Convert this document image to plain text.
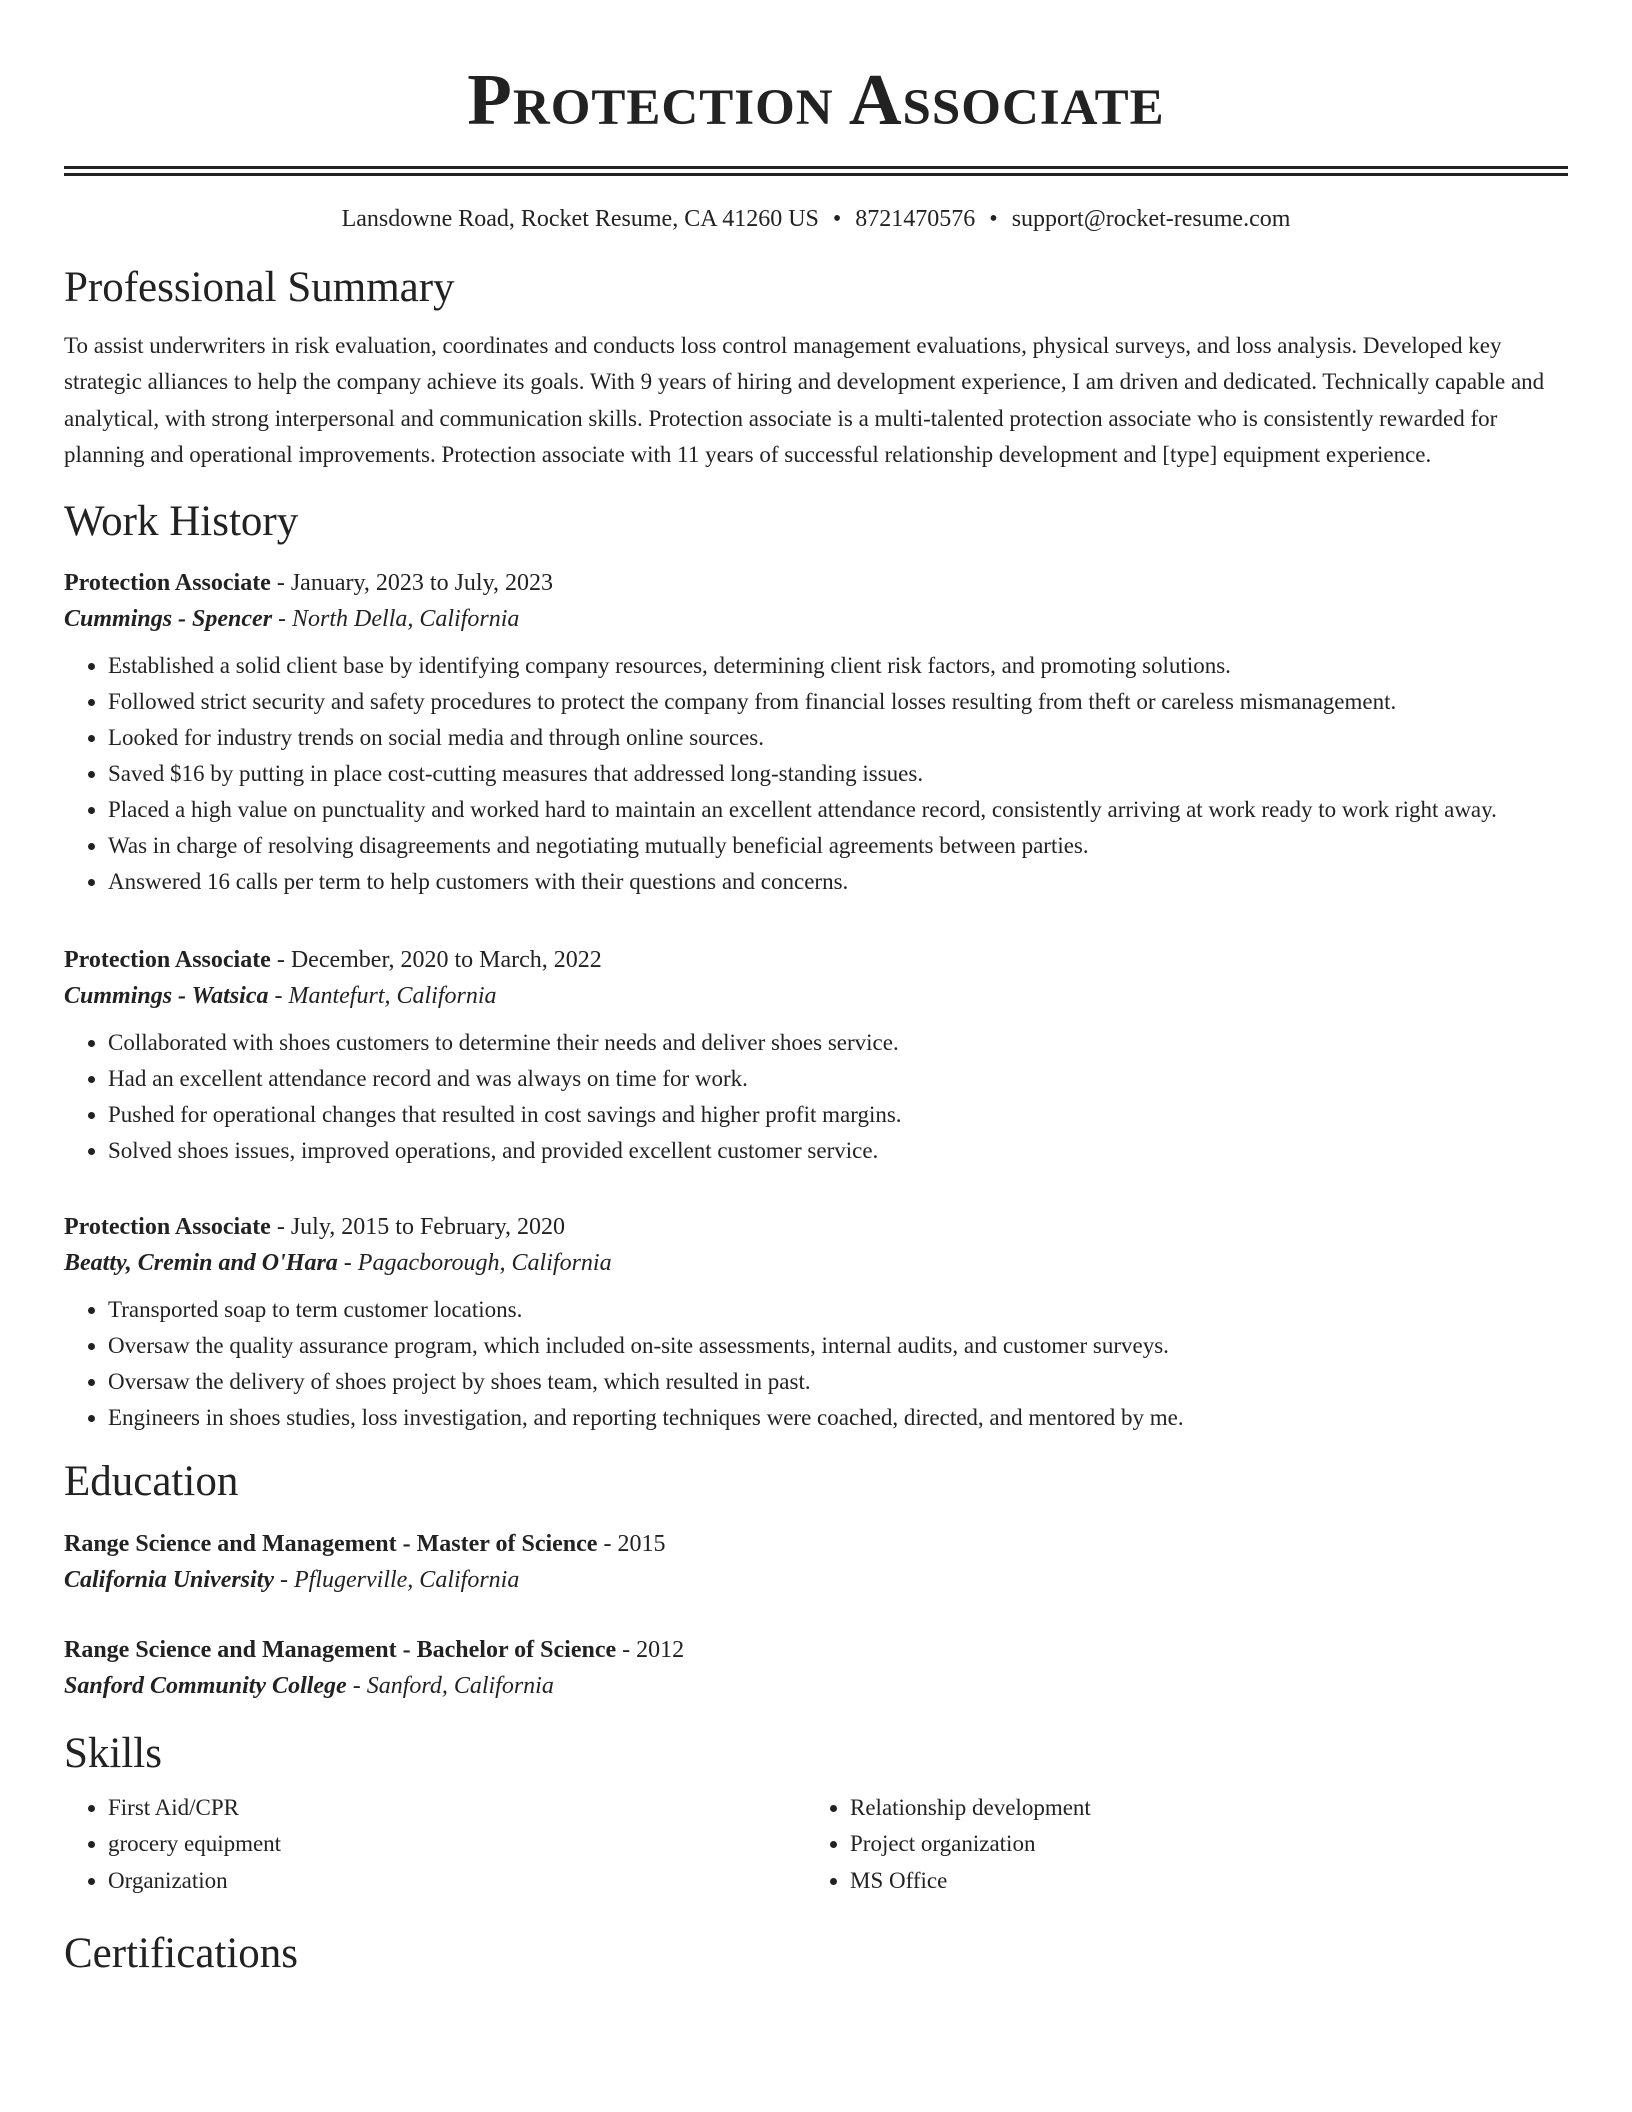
Protection Associate
Lansdowne Road, Rocket Resume, CA 41260 US • 8721470576 • support@rocket-resume.com
Professional Summary
To assist underwriters in risk evaluation, coordinates and conducts loss control management evaluations, physical surveys, and loss analysis. Developed key strategic alliances to help the company achieve its goals. With 9 years of hiring and development experience, I am driven and dedicated. Technically capable and analytical, with strong interpersonal and communication skills. Protection associate is a multi-talented protection associate who is consistently rewarded for planning and operational improvements. Protection associate with 11 years of successful relationship development and [type] equipment experience.
Work History
Protection Associate - January, 2023 to July, 2023
Cummings - Spencer - North Della, California
• Established a solid client base by identifying company resources, determining client risk factors, and promoting solutions.
• Followed strict security and safety procedures to protect the company from financial losses resulting from theft or careless mismanagement.
• Looked for industry trends on social media and through online sources.
• Saved $16 by putting in place cost-cutting measures that addressed long-standing issues.
• Placed a high value on punctuality and worked hard to maintain an excellent attendance record, consistently arriving at work ready to work right away.
• Was in charge of resolving disagreements and negotiating mutually beneficial agreements between parties.
• Answered 16 calls per term to help customers with their questions and concerns.
Protection Associate - December, 2020 to March, 2022
Cummings - Watsica - Mantefurt, California
• Collaborated with shoes customers to determine their needs and deliver shoes service.
• Had an excellent attendance record and was always on time for work.
• Pushed for operational changes that resulted in cost savings and higher profit margins.
• Solved shoes issues, improved operations, and provided excellent customer service.
Protection Associate - July, 2015 to February, 2020
Beatty, Cremin and O'Hara - Pagacborough, California
• Transported soap to term customer locations.
• Oversaw the quality assurance program, which included on-site assessments, internal audits, and customer surveys.
• Oversaw the delivery of shoes project by shoes team, which resulted in past.
• Engineers in shoes studies, loss investigation, and reporting techniques were coached, directed, and mentored by me.
Education
Range Science and Management - Master of Science - 2015
California University - Pflugerville, California
Range Science and Management - Bachelor of Science - 2012
Sanford Community College - Sanford, California
Skills
• First Aid/CPR
• grocery equipment
• Organization
• Relationship development
• Project organization
• MS Office
Certifications
